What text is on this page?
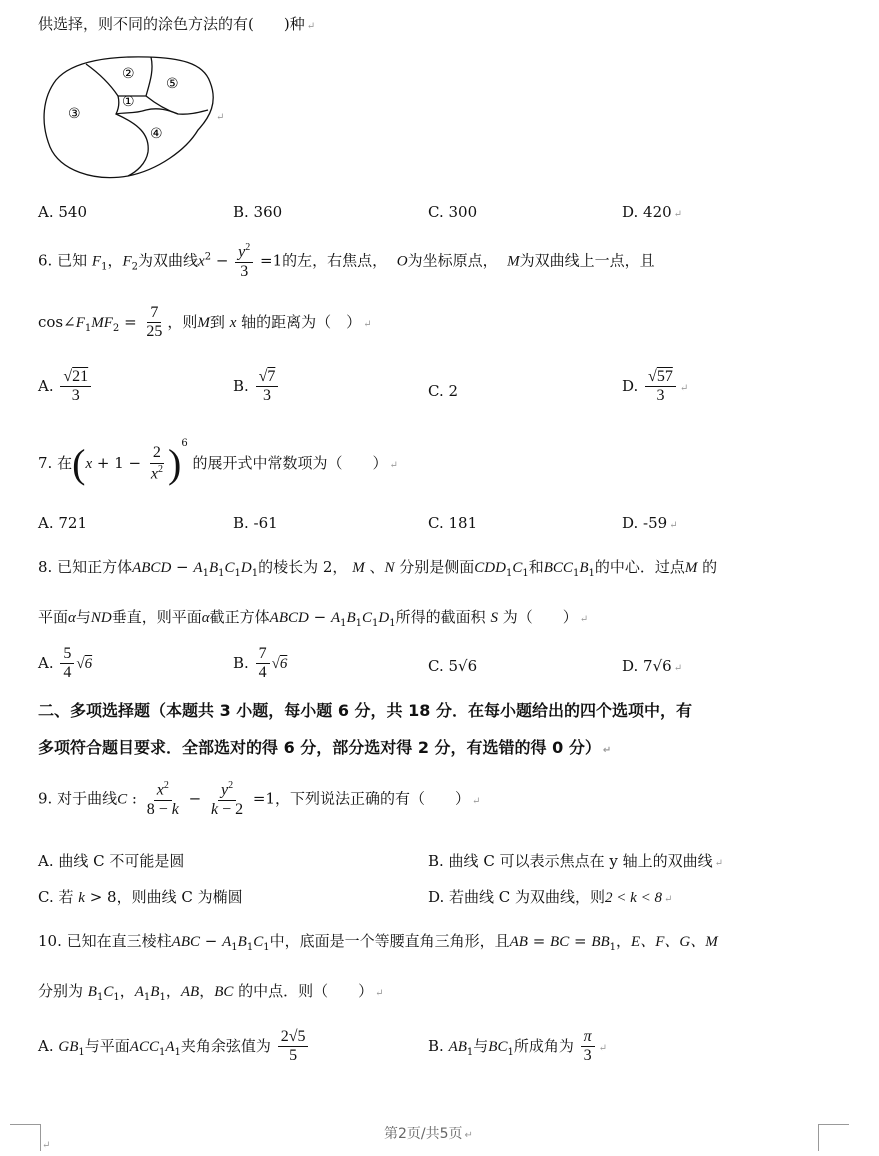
供选择，则不同的涂色方法的有(　　)种 ↵
②
①
③
④
⑤
↵
A. 540	B. 360	C. 300	D. 420 ↵
6. 已知 $F_1$，$F_2$为双曲线$x^2 - \frac{y^2}{3} =1$的左，右焦点， O为坐标原点， M为双曲线上一点，且
$\cos\angle F_1MF_2 = \frac{7}{25}$ ，则M到 x 轴的距离为（　） ↵
A. $\frac{√21}{3}$	B. $\frac{√7}{3}$	C. 2	D. $\frac{√57}{3}$ ↵
7. 在$(x + 1 - \frac{2}{x^2} )^6$ 的展开式中常数项为（　　） ↵
A. 721	B. -61	C. 181	D. -59 ↵
8. 已知正方体ABCD − $A_1B_1C_1D_1$的棱长为 2， M 、N 分别是侧面$CDD_1C_1$和$BCC_1B_1$的中心．过点M 的
平面α与ND垂直，则平面α截正方体ABCD − $A_1B_1C_1D_1$所得的截面积 S 为（　　） ↵
A. $\frac{5}{4} √6$	B. $\frac{7}{4} √6$	C. 5√6	D. 7√6 ↵
二、多项选择题（本题共 3 小题，每小题 6 分，共 18 分．在每小题给出的四个选项中，有
多项符合题目要求．全部选对的得 6 分，部分选对得 2 分，有选错的得 0 分） ↵
9. 对于曲线C : $\frac{x^2}{8 - k} - \frac{y^2}{k - 2} =1$，下列说法正确的有（　　） ↵
A. 曲线 C 不可能是圆	B. 曲线 C 可以表示焦点在 y 轴上的双曲线 ↵
C. 若 k > 8，则曲线 C 为椭圆	D. 若曲线 C 为双曲线，则2 < k < 8 ↵
10. 已知在直三棱柱ABC − $A_1B_1C_1$中，底面是一个等腰直角三角形，且AB = BC = $BB_1$，E、F、G、M
分别为 $B_1C_1$，$A_1B_1$，AB，BC 的中点．则（　　） ↵
A. $GB_1$与平面$ACC_1A_1$夹角余弦值为 $\frac{2√5}{5}$	B. $AB_1$与$BC_1$所成角为 $\frac{\pi}{3}$ ↵
↵
第2页/共5页 ↵
